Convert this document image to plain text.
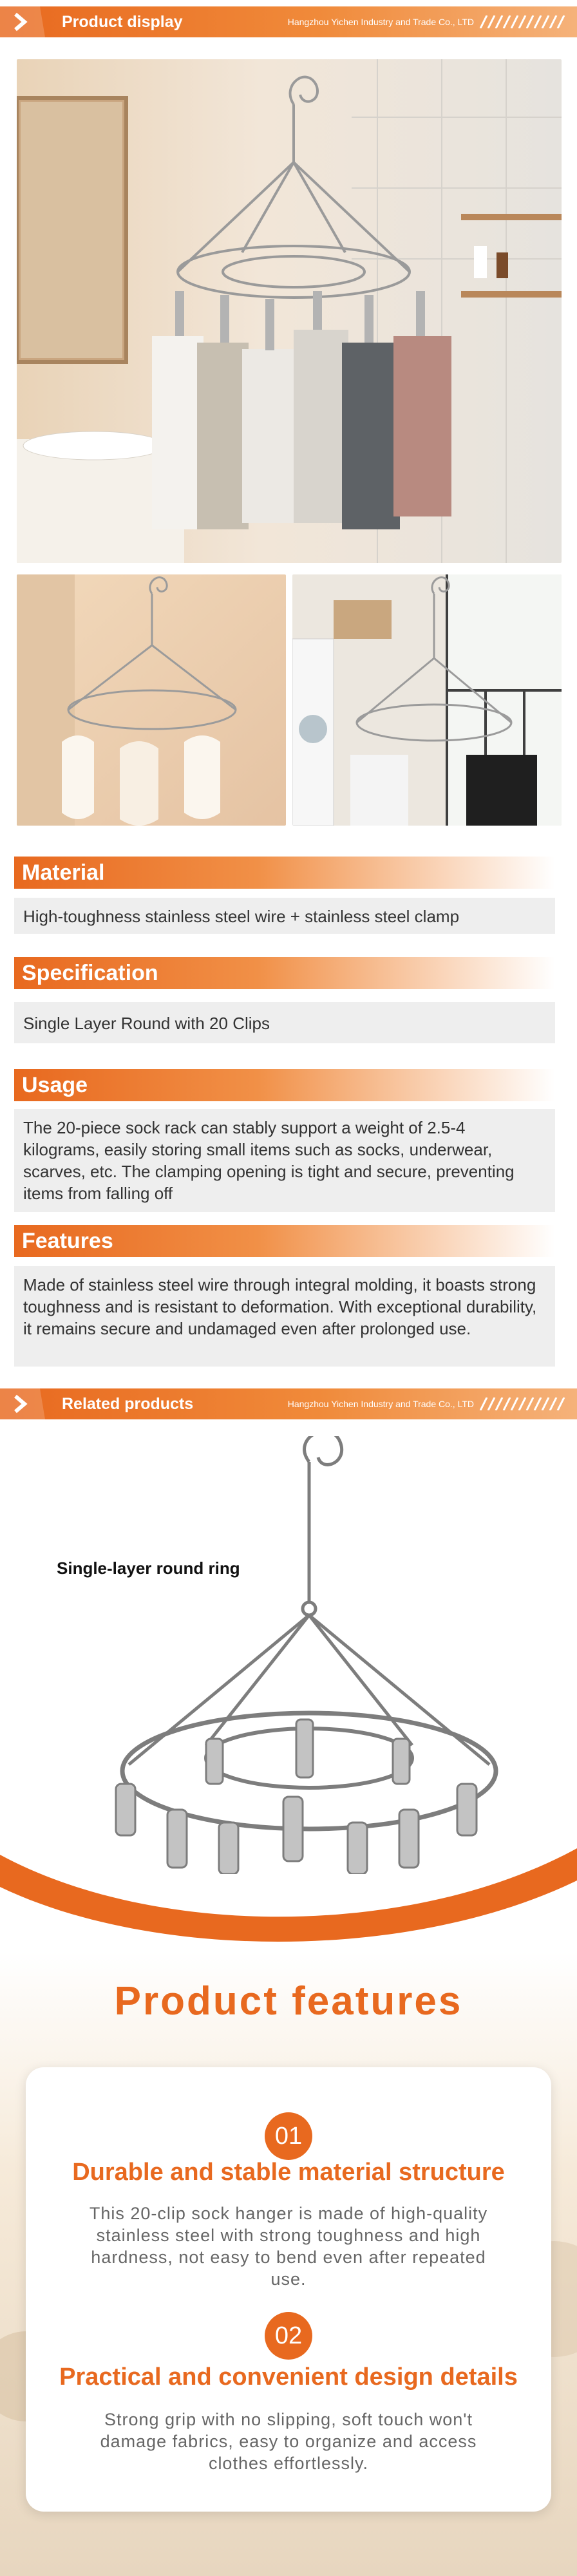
Product display	Hangzhou Yichen Industry and Trade Co., LTD
Material
High-toughness stainless steel wire + stainless steel clamp
Specification
Single Layer Round with 20 Clips
Usage
The 20-piece sock rack can stably support a weight of 2.5-4 kilograms, easily storing small items such as socks, underwear, scarves, etc. The clamping opening is tight and secure, preventing items from falling off
Features
Made of stainless steel wire through integral molding, it boasts strong toughness and is resistant to deformation. With exceptional durability, it remains secure and undamaged even after prolonged use.
Related products	Hangzhou Yichen Industry and Trade Co., LTD
Single-layer round ring
Product features
01
Durable and stable material structure
This 20-clip sock hanger is made of high-quality stainless steel with strong toughness and high hardness, not easy to bend even after repeated use.
02
Practical and convenient design details
Strong grip with no slipping, soft touch won't damage fabrics, easy to organize and access clothes effortlessly.
